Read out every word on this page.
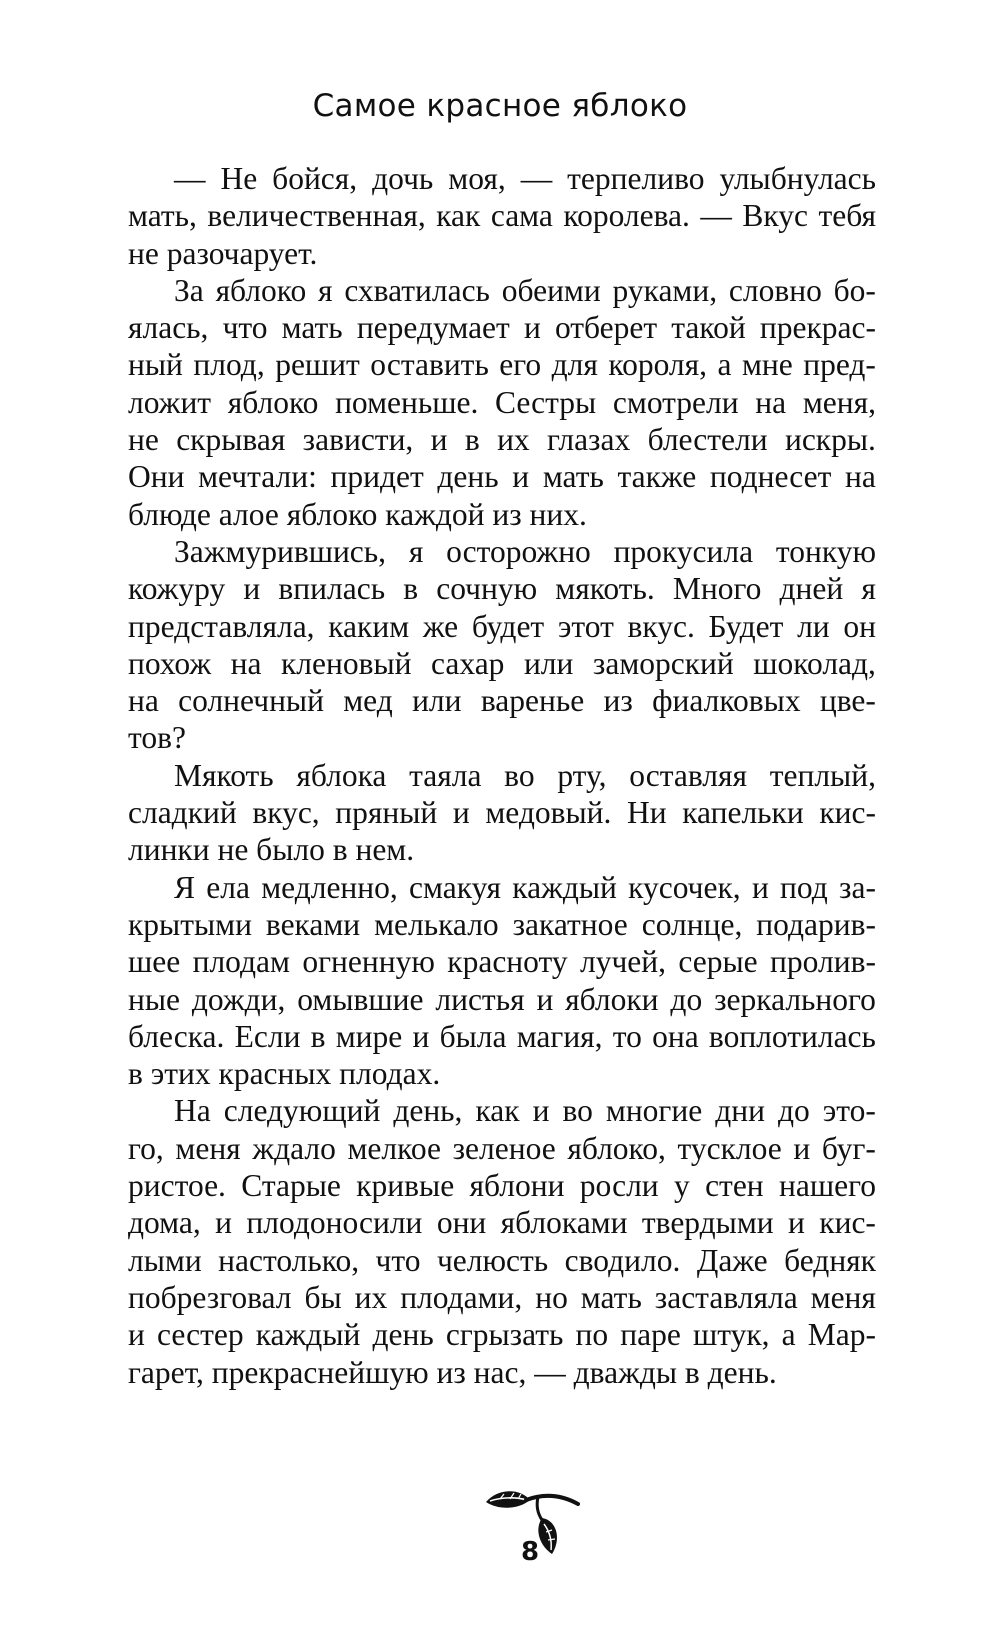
Самое красное яблоко
— Не бойся, дочь моя, — терпеливо улыбнулась
мать, величественная, как сама королева. — Вкус тебя
не разочарует.
За яблоко я схватилась обеими руками, словно бо-
ялась, что мать передумает и отберет такой прекрас-
ный плод, решит оставить его для короля, а мне пред-
ложит яблоко поменьше. Сестры смотрели на меня,
не скрывая зависти, и в их глазах блестели искры.
Они мечтали: придет день и мать также поднесет на
блюде алое яблоко каждой из них.
Зажмурившись, я осторожно прокусила тонкую
кожуру и впилась в сочную мякоть. Много дней я
представляла, каким же будет этот вкус. Будет ли он
похож на кленовый сахар или заморский шоколад,
на солнечный мед или варенье из фиалковых цве-
тов?
Мякоть яблока таяла во рту, оставляя теплый,
сладкий вкус, пряный и медовый. Ни капельки кис-
линки не было в нем.
Я ела медленно, смакуя каждый кусочек, и под за-
крытыми веками мелькало закатное солнце, подарив-
шее плодам огненную красноту лучей, серые пролив-
ные дожди, омывшие листья и яблоки до зеркального
блеска. Если в мире и была магия, то она воплотилась
в этих красных плодах.
На следующий день, как и во многие дни до это-
го, меня ждало мелкое зеленое яблоко, тусклое и буг-
ристое. Старые кривые яблони росли у стен нашего
дома, и плодоносили они яблоками твердыми и кис-
лыми настолько, что челюсть сводило. Даже бедняк
побрезговал бы их плодами, но мать заставляла меня
и сестер каждый день сгрызать по паре штук, а Мар-
гарет, прекраснейшую из нас, — дважды в день.
8
